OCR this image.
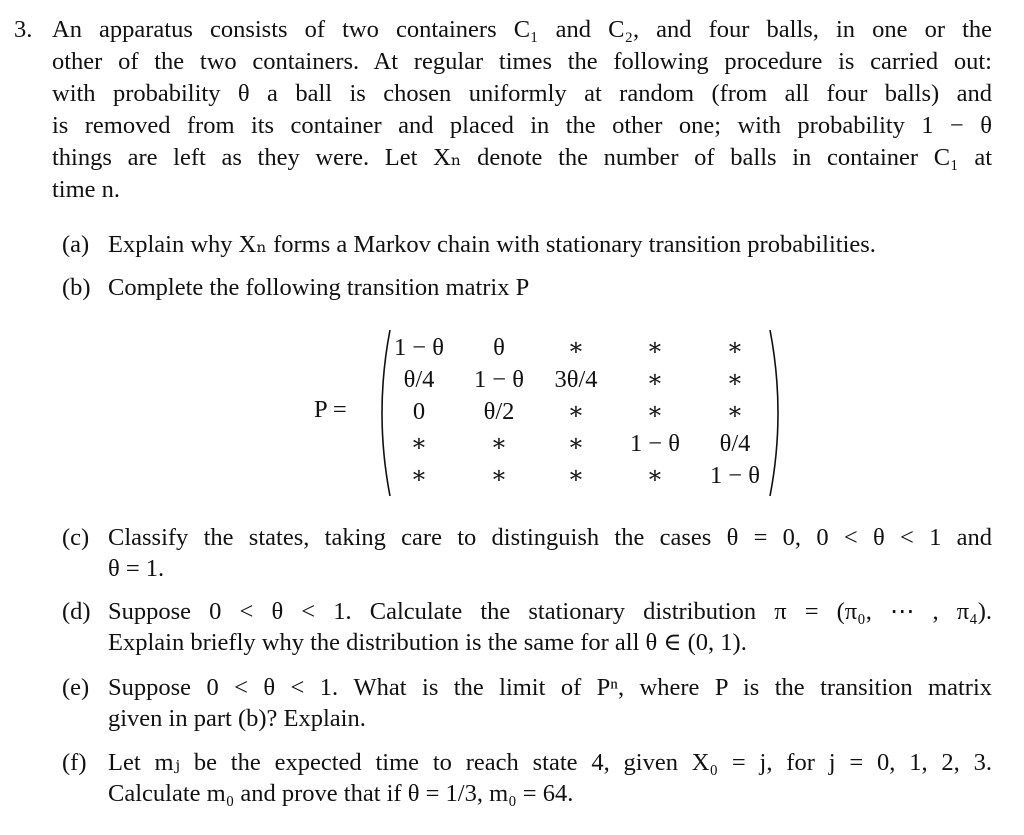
3. An apparatus consists of two containers C₁ and C₂, and four balls, in one or the
other of the two containers. At regular times the following procedure is carried out:
with probability θ a ball is chosen uniformly at random (from all four balls) and
is removed from its container and placed in the other one; with probability 1 − θ
things are left as they were. Let Xₙ denote the number of balls in container C₁ at
time n.
(a) Explain why Xₙ forms a Markov chain with stationary transition probabilities.
(b) Complete the following transition matrix P
P =
1 − θ	θ	∗	∗	∗
θ/4	1 − θ	3θ/4	∗	∗
0	θ/2	∗	∗	∗
∗	∗	∗	1 − θ	θ/4
∗	∗	∗	∗	1 − θ
(c) Classify the states, taking care to distinguish the cases θ = 0, 0 < θ < 1 and
θ = 1.
(d) Suppose 0 < θ < 1. Calculate the stationary distribution π = (π₀, ⋯ , π₄).
Explain briefly why the distribution is the same for all θ ∈ (0, 1).
(e) Suppose 0 < θ < 1. What is the limit of Pⁿ, where P is the transition matrix
given in part (b)? Explain.
(f) Let mⱼ be the expected time to reach state 4, given X₀ = j, for j = 0, 1, 2, 3.
Calculate m₀ and prove that if θ = 1/3, m₀ = 64.
